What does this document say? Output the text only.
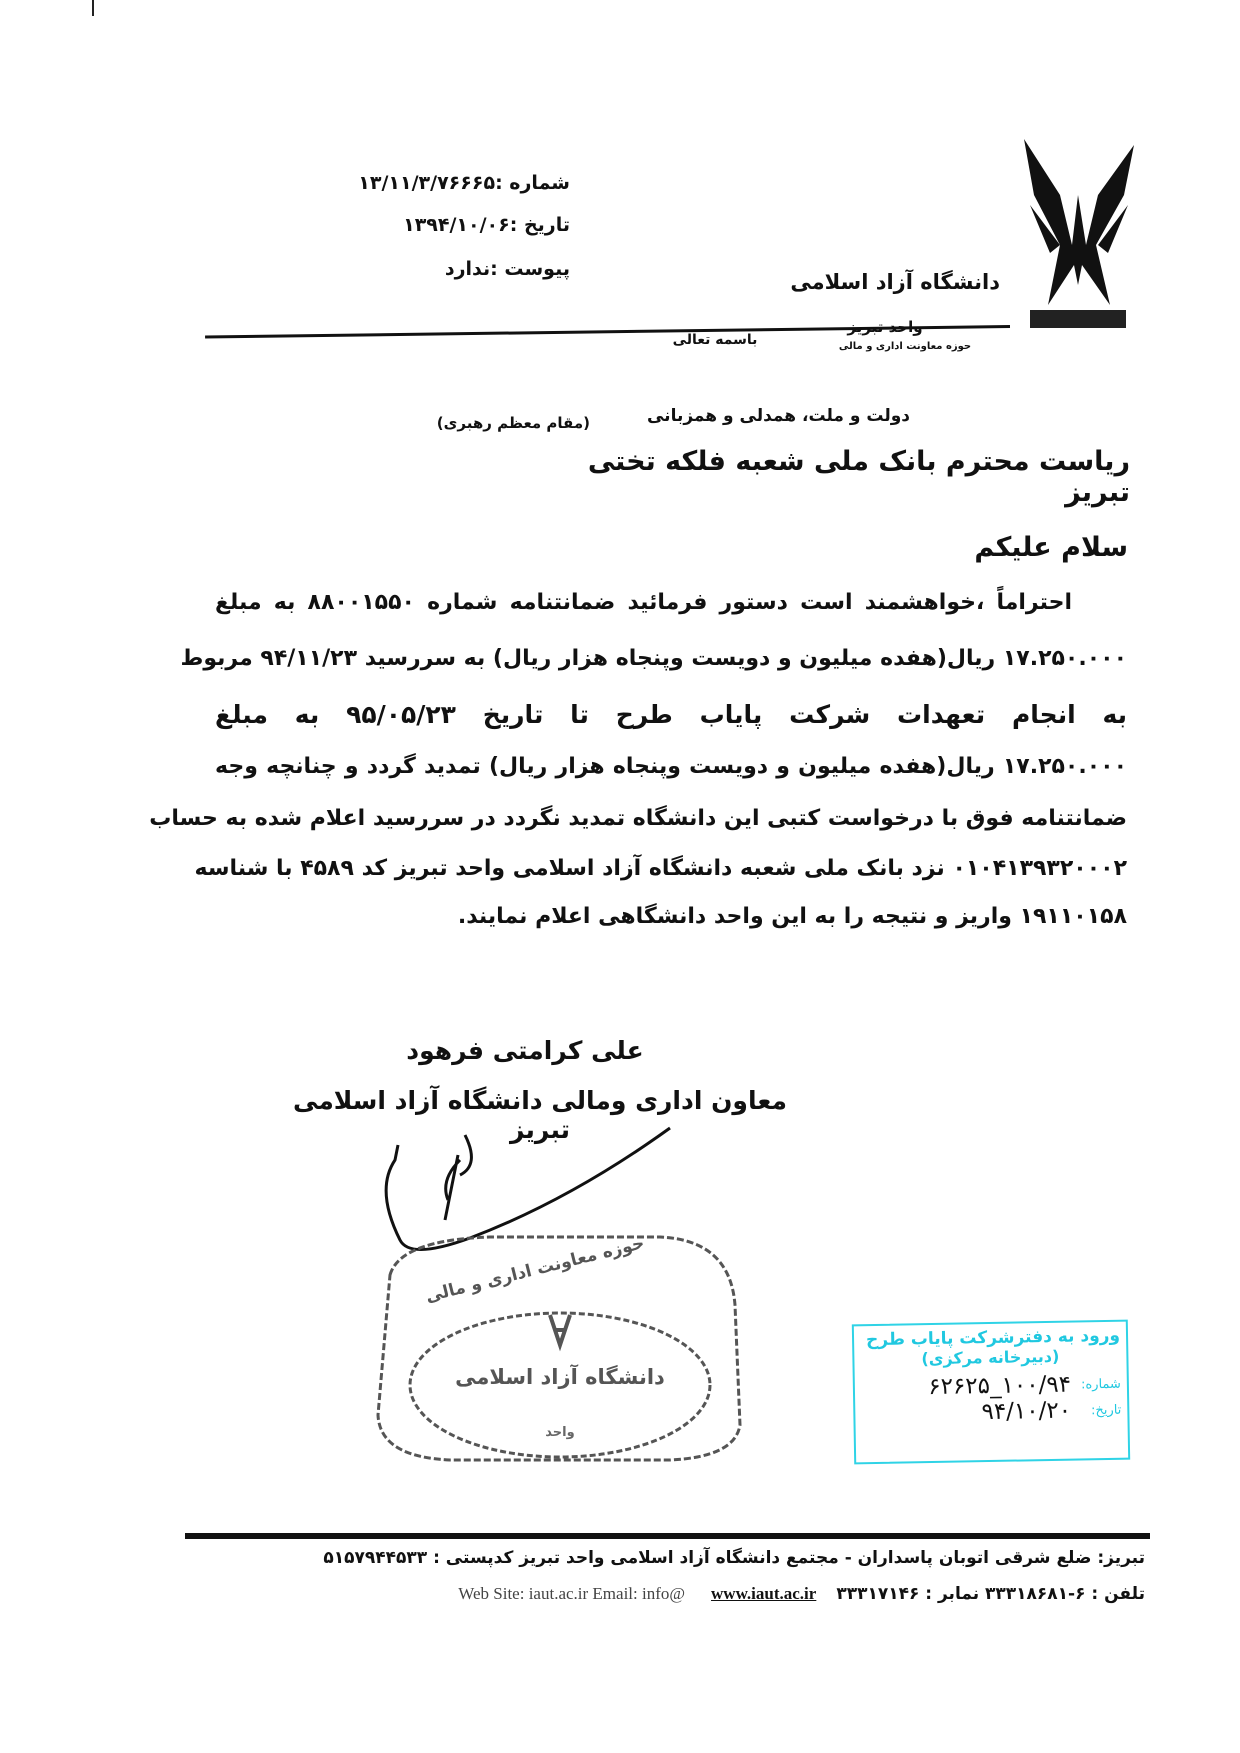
شماره :۱۳/۱۱/۳/۷۶۶۶۵
تاریخ :۱۳۹۴/۱۰/۰۶
پیوست :ندارد
دانشگاه آزاد اسلامی
واحد تبریز
حوزه معاونت اداری و مالی
باسمه تعالی
دولت و ملت، همدلی و همزبانی
(مقام معظم رهبری)
ریاست محترم بانک ملی شعبه فلکه تختی تبریز
سلام علیکم
احتراماً ،خواهشمند است دستور فرمائید ضمانتنامه شماره ۸۸۰۰۱۵۵۰ به مبلغ
۱۷.۲۵۰.۰۰۰ ریال(هفده میلیون و دویست وپنجاه هزار ریال) به سررسید ۹۴/۱۱/۲۳ مربوط
به انجام تعهدات شرکت پایاب طرح تا تاریخ ۹۵/۰۵/۲۳ به مبلغ
۱۷.۲۵۰.۰۰۰ ریال(هفده میلیون و دویست وپنجاه هزار ریال) تمدید گردد و چنانچه وجه
ضمانتنامه فوق با درخواست کتبی این دانشگاه تمدید نگردد در سررسید اعلام شده به حساب
۰۱۰۴۱۳۹۳۲۰۰۰۲ نزد بانک ملی شعبه دانشگاه آزاد اسلامی واحد تبریز کد ۴۵۸۹ با شناسه
۱۹۱۱۰۱۵۸ واریز و نتیجه را به این واحد دانشگاهی اعلام نمایند.
علی کرامتی فرهود
معاون اداری ومالی دانشگاه آزاد اسلامی تبریز
حوزه معاونت اداری و مالی
دانشگاه آزاد اسلامی
واحد
ورود به دفترشرکت پایاب طرح
(دبیرخانه مرکزی)
شماره:
۱۰۰/۹۴_۶۲۶۲۵
تاریخ:
۹۴/۱۰/۲۰
تبریز: ضلع شرقی اتوبان پاسداران - مجتمع دانشگاه آزاد اسلامی واحد تبریز کدپستی : ۵۱۵۷۹۴۴۵۳۳
تلفن : ۶-۳۳۳۱۸۶۸۱ نمابر : ۳۳۳۱۷۱۴۶
www.iaut.ac.ir
Web Site: iaut.ac.ir Email: info@
